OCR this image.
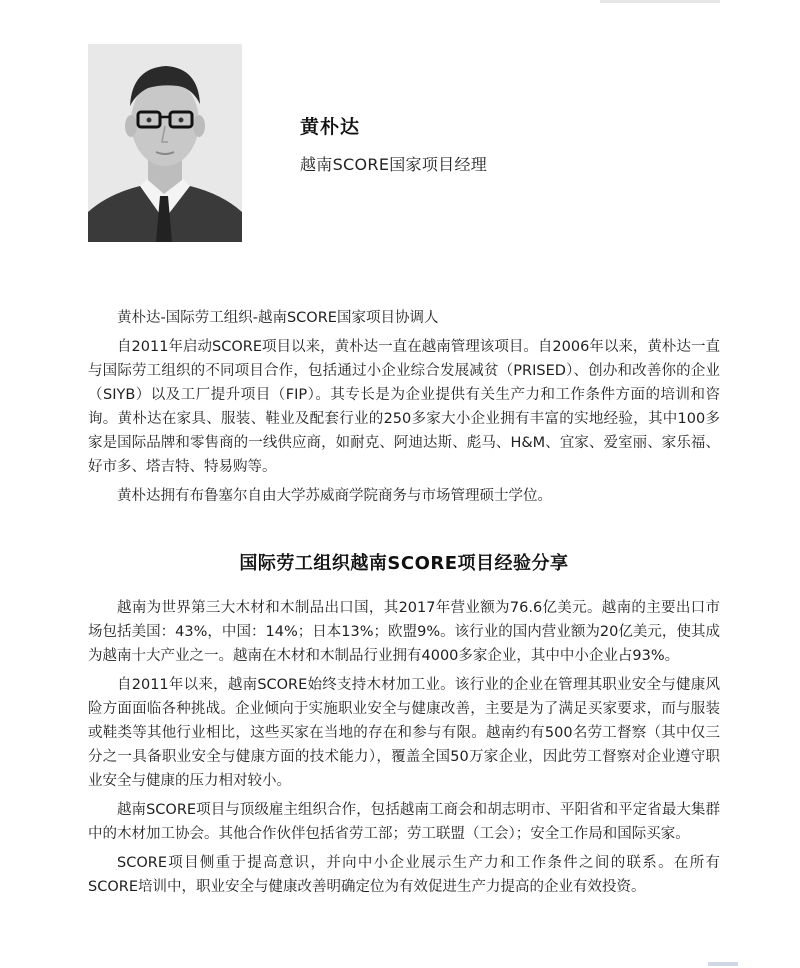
黄朴达
越南SCORE国家项目经理

黄朴达-国际劳工组织-越南SCORE国家项目协调人

自2011年启动SCORE项目以来，黄朴达一直在越南管理该项目。自2006年以来，黄朴达一直与国际劳工组织的不同项目合作，包括通过小企业综合发展减贫（PRISED）、创办和改善你的企业（SIYB）以及工厂提升项目（FIP）。其专长是为企业提供有关生产力和工作条件方面的培训和咨询。黄朴达在家具、服装、鞋业及配套行业的250多家大小企业拥有丰富的实地经验，其中100多家是国际品牌和零售商的一线供应商，如耐克、阿迪达斯、彪马、H&M、宜家、爱室丽、家乐福、好市多、塔吉特、特易购等。

黄朴达拥有布鲁塞尔自由大学苏威商学院商务与市场管理硕士学位。

国际劳工组织越南SCORE项目经验分享

越南为世界第三大木材和木制品出口国，其2017年营业额为76.6亿美元。越南的主要出口市场包括美国：43%，中国：14%；日本13%；欧盟9%。该行业的国内营业额为20亿美元，使其成为越南十大产业之一。越南在木材和木制品行业拥有4000多家企业，其中中小企业占93%。

自2011年以来，越南SCORE始终支持木材加工业。该行业的企业在管理其职业安全与健康风险方面面临各种挑战。企业倾向于实施职业安全与健康改善，主要是为了满足买家要求，而与服装或鞋类等其他行业相比，这些买家在当地的存在和参与有限。越南约有500名劳工督察（其中仅三分之一具备职业安全与健康方面的技术能力），覆盖全国50万家企业，因此劳工督察对企业遵守职业安全与健康的压力相对较小。

越南SCORE项目与顶级雇主组织合作，包括越南工商会和胡志明市、平阳省和平定省最大集群中的木材加工协会。其他合作伙伴包括省劳工部；劳工联盟（工会）；安全工作局和国际买家。

SCORE项目侧重于提高意识，并向中小企业展示生产力和工作条件之间的联系。在所有SCORE培训中，职业安全与健康改善明确定位为有效促进生产力提高的企业有效投资。
